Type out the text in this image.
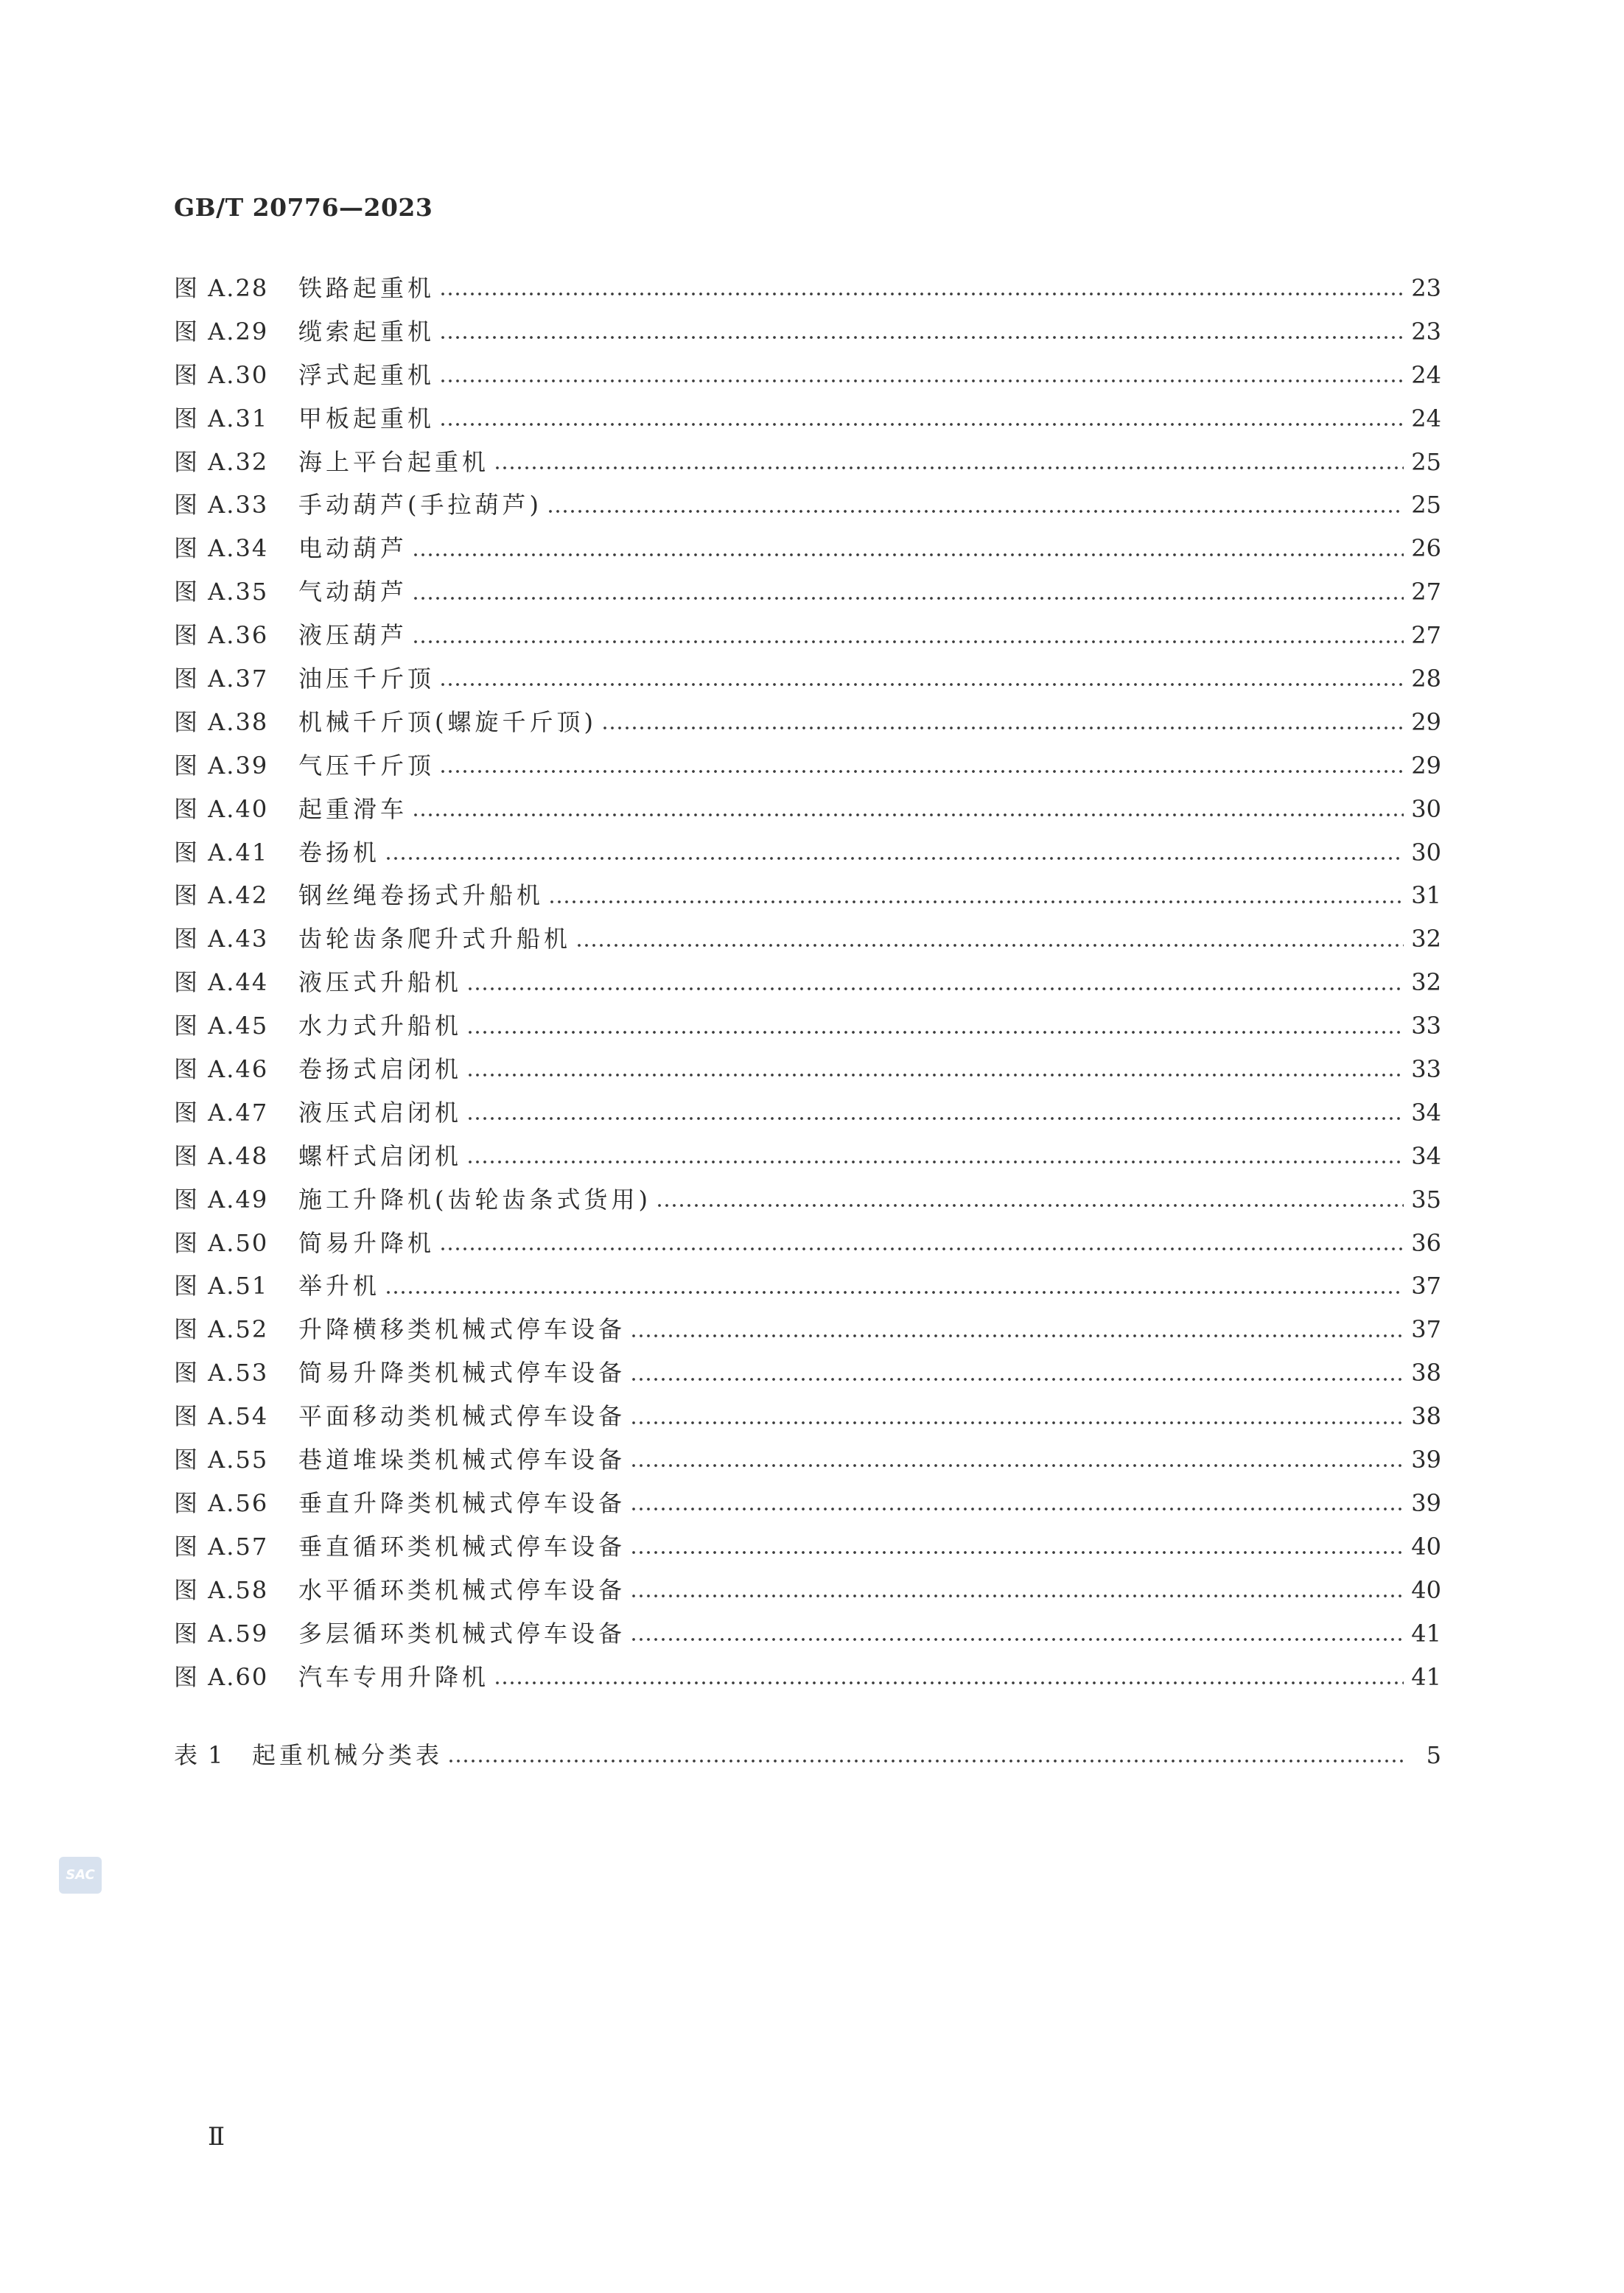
GB/T 20776—2023
图 A.28	铁路起重机	23
图 A.29	缆索起重机	23
图 A.30	浮式起重机	24
图 A.31	甲板起重机	24
图 A.32	海上平台起重机	25
图 A.33	手动葫芦(手拉葫芦)	25
图 A.34	电动葫芦	26
图 A.35	气动葫芦	27
图 A.36	液压葫芦	27
图 A.37	油压千斤顶	28
图 A.38	机械千斤顶(螺旋千斤顶)	29
图 A.39	气压千斤顶	29
图 A.40	起重滑车	30
图 A.41	卷扬机	30
图 A.42	钢丝绳卷扬式升船机	31
图 A.43	齿轮齿条爬升式升船机	32
图 A.44	液压式升船机	32
图 A.45	水力式升船机	33
图 A.46	卷扬式启闭机	33
图 A.47	液压式启闭机	34
图 A.48	螺杆式启闭机	34
图 A.49	施工升降机(齿轮齿条式货用)	35
图 A.50	简易升降机	36
图 A.51	举升机	37
图 A.52	升降横移类机械式停车设备	37
图 A.53	简易升降类机械式停车设备	38
图 A.54	平面移动类机械式停车设备	38
图 A.55	巷道堆垛类机械式停车设备	39
图 A.56	垂直升降类机械式停车设备	39
图 A.57	垂直循环类机械式停车设备	40
图 A.58	水平循环类机械式停车设备	40
图 A.59	多层循环类机械式停车设备	41
图 A.60	汽车专用升降机	41
表 1	起重机械分类表	5
SAC
Ⅱ
